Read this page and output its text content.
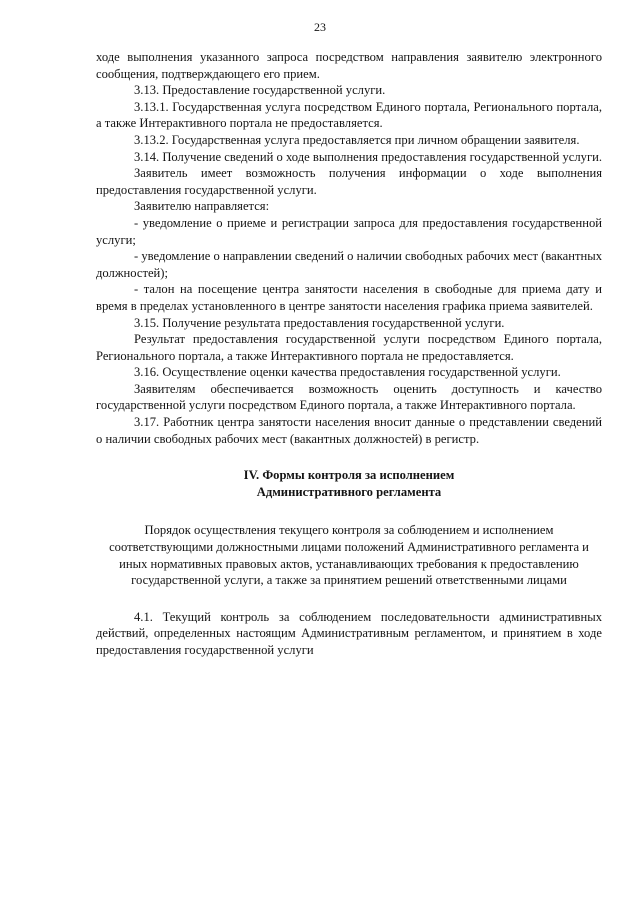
23

ходе выполнения указанного запроса посредством направления заявителю электронного сообщения, подтверждающего его прием.

3.13. Предоставление государственной услуги.

3.13.1. Государственная услуга посредством Единого портала, Регионального портала, а также Интерактивного портала не предоставляется.

3.13.2. Государственная услуга предоставляется при личном обращении заявителя.

3.14. Получение сведений о ходе выполнения предоставления государственной услуги.

Заявитель имеет возможность получения информации о ходе выполнения предоставления государственной услуги.

Заявителю направляется:

- уведомление о приеме и регистрации запроса для предоставления государственной услуги;

- уведомление о направлении сведений о наличии свободных рабочих мест (вакантных должностей);

- талон на посещение центра занятости населения в свободные для приема дату и время в пределах установленного в центре занятости населения графика приема заявителей.

3.15. Получение результата предоставления государственной услуги.

Результат предоставления государственной услуги посредством Единого портала, Регионального портала, а также Интерактивного портала не предоставляется.

3.16. Осуществление оценки качества предоставления государственной услуги.

Заявителям обеспечивается возможность оценить доступность и качество государственной услуги посредством Единого портала, а также Интерактивного портала.

3.17. Работник центра занятости населения вносит данные о представлении сведений о наличии свободных рабочих мест (вакантных должностей) в регистр.

IV. Формы контроля за исполнением
Административного регламента

Порядок осуществления текущего контроля за соблюдением и исполнением соответствующими должностными лицами положений Административного регламента и иных нормативных правовых актов, устанавливающих требования к предоставлению государственной услуги, а также за принятием решений ответственными лицами

4.1. Текущий контроль за соблюдением последовательности административных действий, определенных настоящим Административным регламентом, и принятием в ходе предоставления государственной услуги
